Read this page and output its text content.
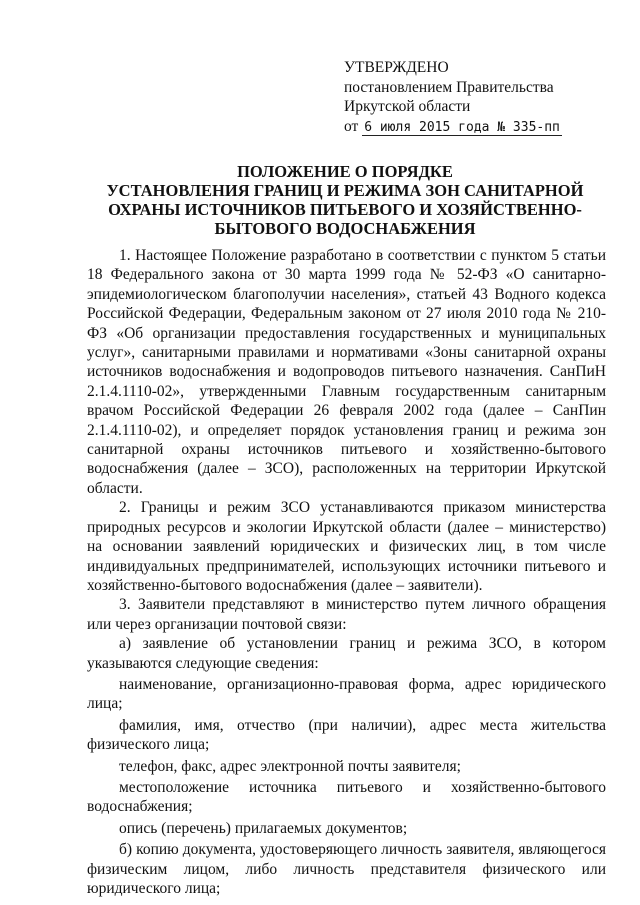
УТВЕРЖДЕНО
постановлением Правительства
Иркутской области
от 6 июля 2015 года № 335-пп
ПОЛОЖЕНИЕ О ПОРЯДКЕ
УСТАНОВЛЕНИЯ ГРАНИЦ И РЕЖИМА ЗОН САНИТАРНОЙ
ОХРАНЫ ИСТОЧНИКОВ ПИТЬЕВОГО И ХОЗЯЙСТВЕННО-
БЫТОВОГО ВОДОСНАБЖЕНИЯ

1. Настоящее Положение разработано в соответствии с пунктом 5 статьи 18 Федерального закона от 30 марта 1999 года № 52-ФЗ «О санитарно-эпидемиологическом благополучии населения», статьей 43 Водного кодекса Российской Федерации, Федеральным законом от 27 июля 2010 года № 210-ФЗ «Об организации предоставления государственных и муниципальных услуг», санитарными правилами и нормативами «Зоны санитарной охраны источников водоснабжения и водопроводов питьевого назначения. СанПиН 2.1.4.1110-02», утвержденными Главным государственным санитарным врачом Российской Федерации 26 февраля 2002 года (далее – СанПин 2.1.4.1110-02), и определяет порядок установления границ и режима зон санитарной охраны источников питьевого и хозяйственно-бытового водоснабжения (далее – ЗСО), расположенных на территории Иркутской области.

2. Границы и режим ЗСО устанавливаются приказом министерства природных ресурсов и экологии Иркутской области (далее – министерство) на основании заявлений юридических и физических лиц, в том числе индивидуальных предпринимателей, использующих источники питьевого и хозяйственно-бытового водоснабжения (далее – заявители).

3. Заявители представляют в министерство путем личного обращения или через организации почтовой связи:

а) заявление об установлении границ и режима ЗСО, в котором указываются следующие сведения:

наименование, организационно-правовая форма, адрес юридического лица;

фамилия, имя, отчество (при наличии), адрес места жительства физического лица;

телефон, факс, адрес электронной почты заявителя;

местоположение источника питьевого и хозяйственно-бытового водоснабжения;

опись (перечень) прилагаемых документов;

б) копию документа, удостоверяющего личность заявителя, являющегося физическим лицом, либо личность представителя физического или юридического лица;
